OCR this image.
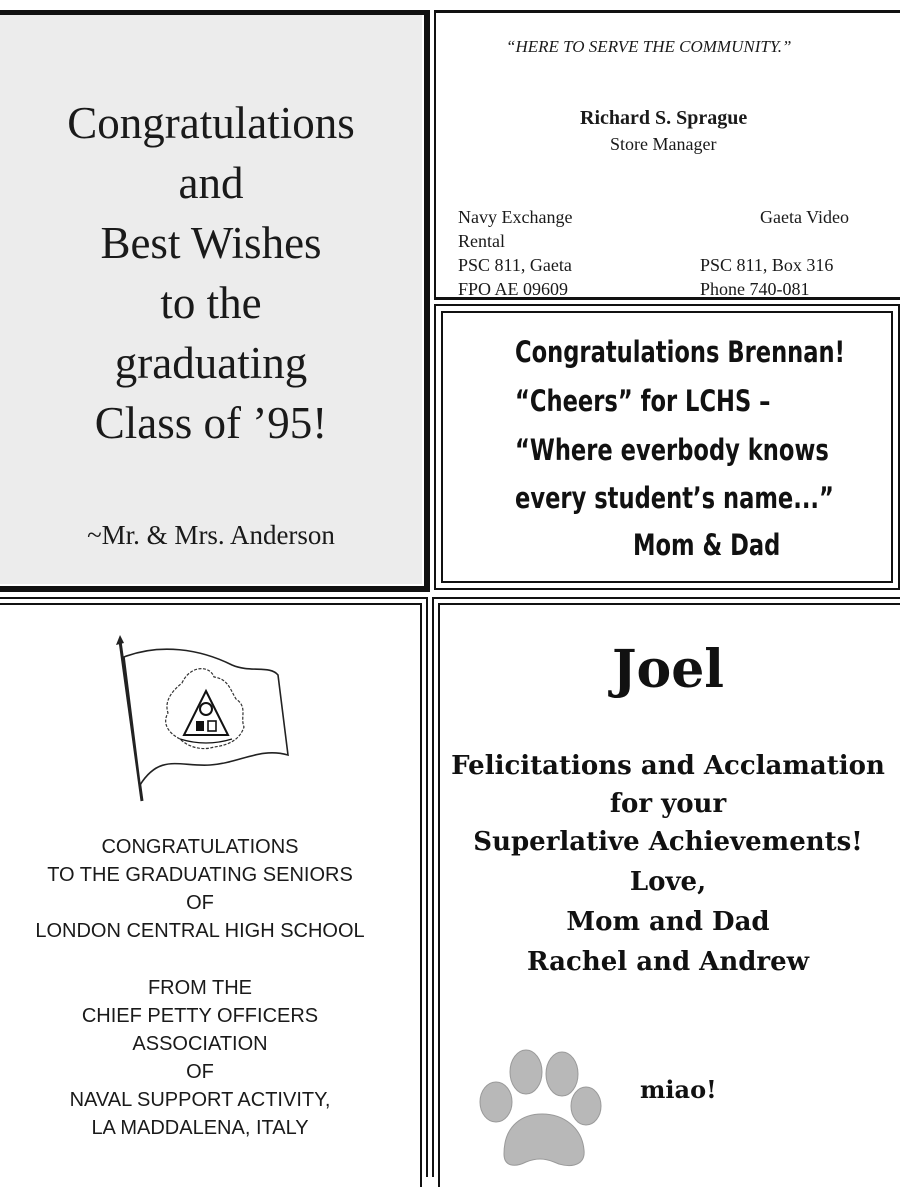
Congratulations
and
Best Wishes
to the
graduating
Class of ’95!
~Mr. & Mrs. Anderson
“HERE TO SERVE THE COMMUNITY.”
Richard S. Sprague
Store Manager
Navy Exchange
Rental
PSC 811, Gaeta
FPO AE 09609
Gaeta Video
PSC 811, Box 316
Phone 740-081
Congratulations Brennan!
“Cheers” for LCHS –
“Where everbody knows
every student’s name...”
Mom & Dad
CONGRATULATIONS
TO THE GRADUATING SENIORS
OF
LONDON CENTRAL HIGH SCHOOL
FROM THE
CHIEF PETTY OFFICERS
ASSOCIATION
OF
NAVAL SUPPORT ACTIVITY,
LA MADDALENA, ITALY
Joel
Felicitations and Acclamation
for your
Superlative Achievements!
Love,
Mom and Dad
Rachel and Andrew
miao!
